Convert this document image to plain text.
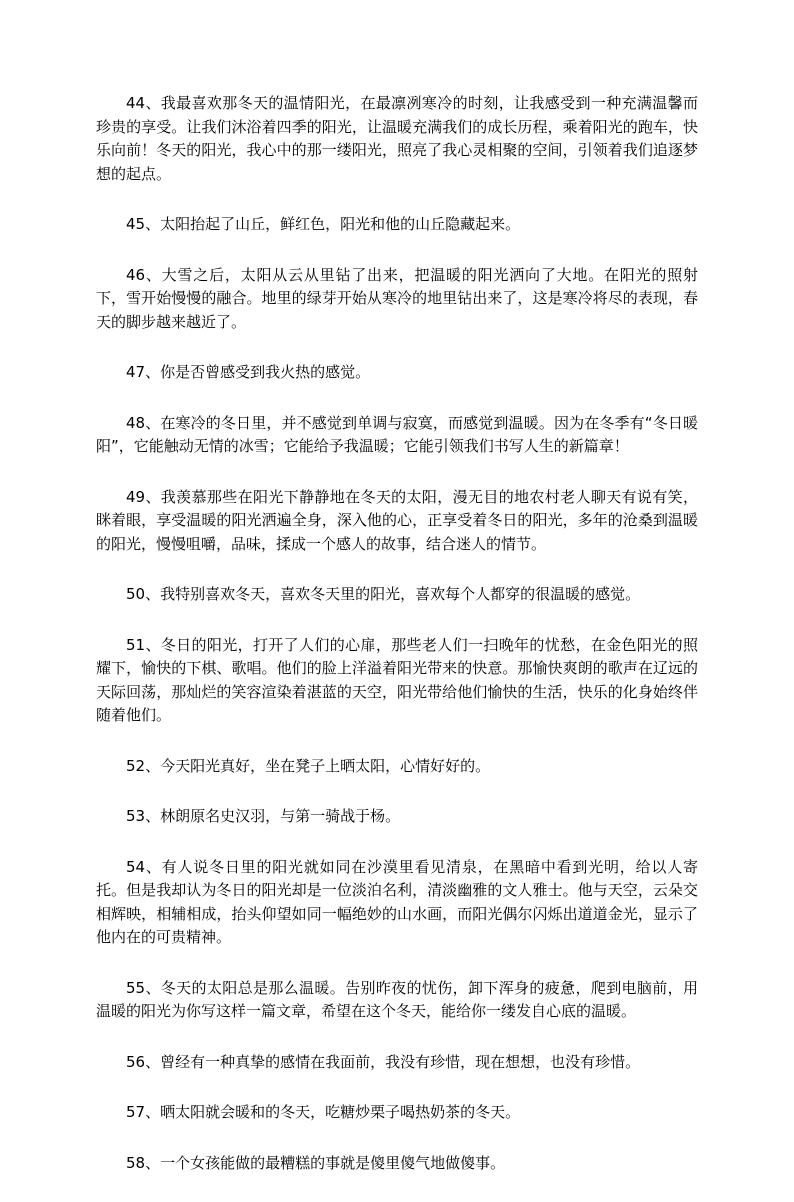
44、我最喜欢那冬天的温情阳光，在最凛冽寒冷的时刻，让我感受到一种充满温馨而珍贵的享受。让我们沐浴着四季的阳光，让温暖充满我们的成长历程，乘着阳光的跑车，快乐向前！冬天的阳光，我心中的那一缕阳光，照亮了我心灵相聚的空间，引领着我们追逐梦想的起点。

45、太阳抬起了山丘，鲜红色，阳光和他的山丘隐藏起来。

46、大雪之后，太阳从云从里钻了出来，把温暖的阳光洒向了大地。在阳光的照射下，雪开始慢慢的融合。地里的绿芽开始从寒冷的地里钻出来了，这是寒冷将尽的表现，春天的脚步越来越近了。

47、你是否曾感受到我火热的感觉。

48、在寒冷的冬日里，并不感觉到单调与寂寞，而感觉到温暖。因为在冬季有“冬日暖阳”，它能触动无情的冰雪；它能给予我温暖；它能引领我们书写人生的新篇章！

49、我羡慕那些在阳光下静静地在冬天的太阳，漫无目的地农村老人聊天有说有笑，眯着眼，享受温暖的阳光洒遍全身，深入他的心，正享受着冬日的阳光，多年的沧桑到温暖的阳光，慢慢咀嚼，品味，揉成一个感人的故事，结合迷人的情节。

50、我特别喜欢冬天，喜欢冬天里的阳光，喜欢每个人都穿的很温暖的感觉。

51、冬日的阳光，打开了人们的心扉，那些老人们一扫晚年的忧愁，在金色阳光的照耀下，愉快的下棋、歌唱。他们的脸上洋溢着阳光带来的快意。那愉快爽朗的歌声在辽远的天际回荡，那灿烂的笑容渲染着湛蓝的天空，阳光带给他们愉快的生活，快乐的化身始终伴随着他们。

52、今天阳光真好，坐在凳子上晒太阳，心情好好的。

53、林朗原名史汉羽，与第一骑战于杨。

54、有人说冬日里的阳光就如同在沙漠里看见清泉，在黑暗中看到光明，给以人寄托。但是我却认为冬日的阳光却是一位淡泊名利，清淡幽雅的文人雅士。他与天空，云朵交相辉映，相辅相成，抬头仰望如同一幅绝妙的山水画，而阳光偶尔闪烁出道道金光，显示了他内在的可贵精神。

55、冬天的太阳总是那么温暖。告别昨夜的忧伤，卸下浑身的疲惫，爬到电脑前，用温暖的阳光为你写这样一篇文章，希望在这个冬天，能给你一缕发自心底的温暖。

56、曾经有一种真挚的感情在我面前，我没有珍惜，现在想想，也没有珍惜。

57、晒太阳就会暖和的冬天，吃糖炒栗子喝热奶茶的冬天。

58、一个女孩能做的最糟糕的事就是傻里傻气地做傻事。
